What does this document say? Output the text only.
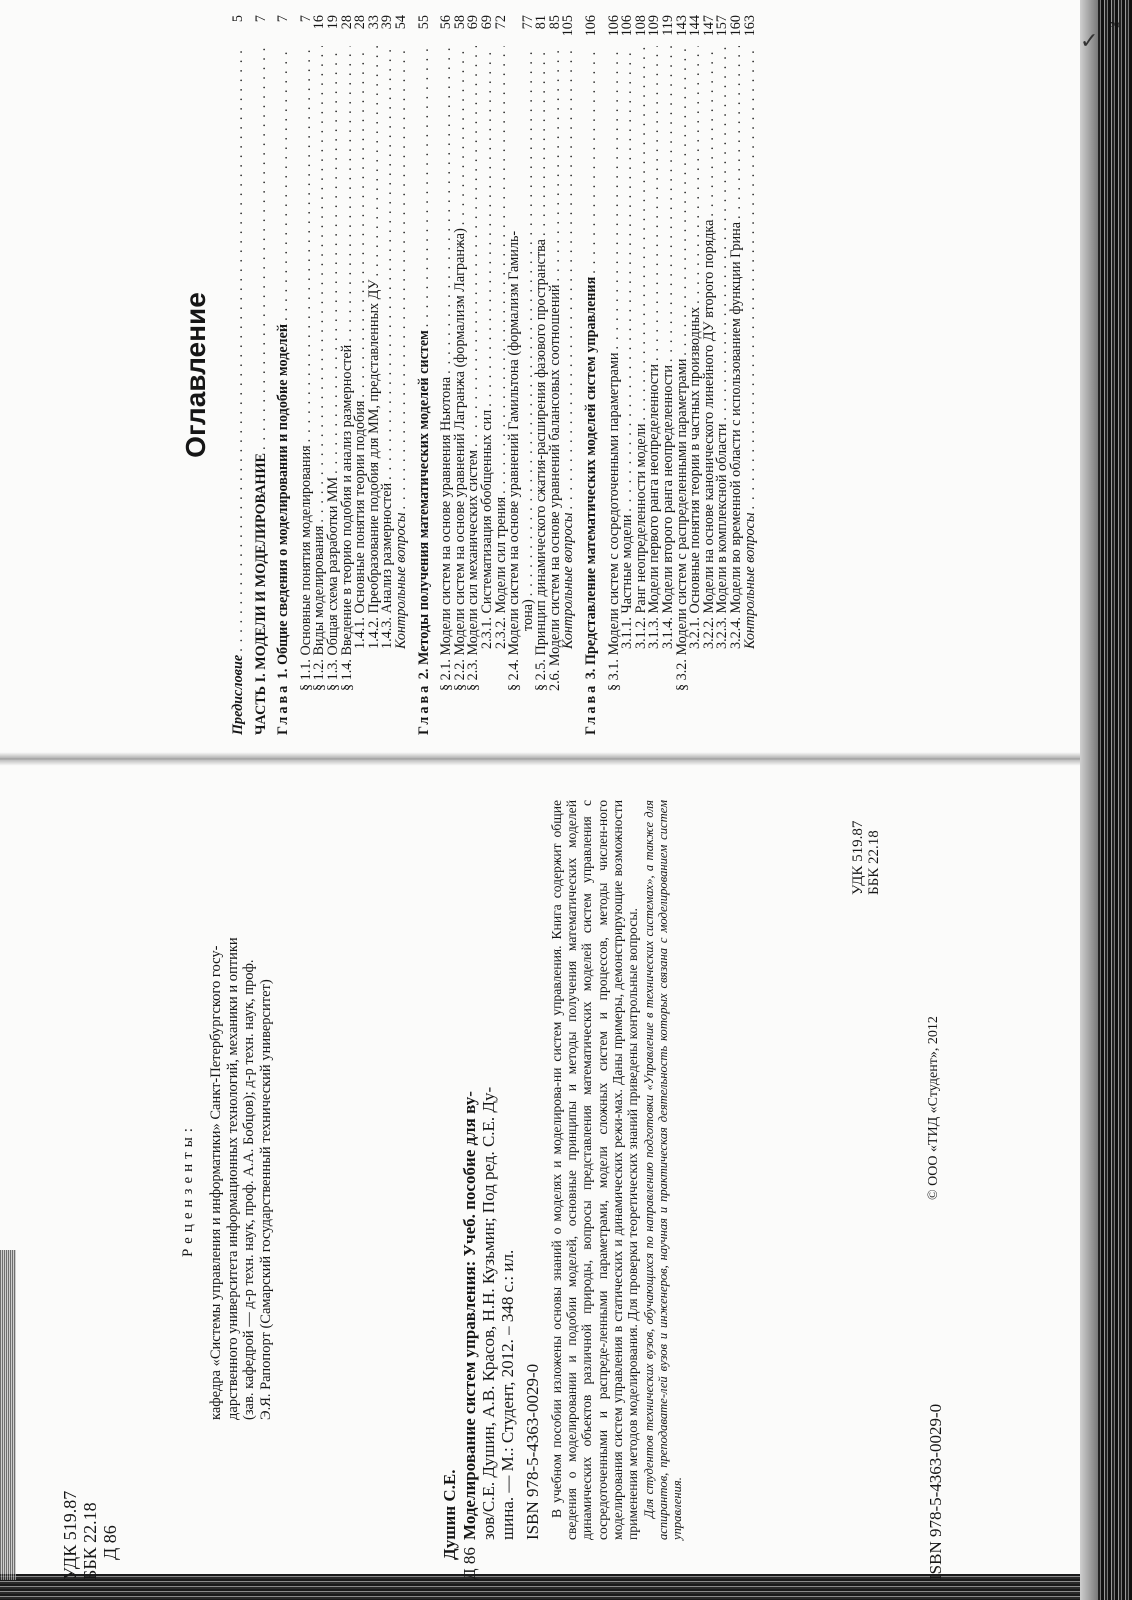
✓
УДК 519.87 ББК 22.18 Д 86
Рецензенты: кафедра «Системы управления и информатики» Санкт-Петербургского госу- дарственного университета информационных технологий, механики и оптики (зав. кафедрой — д-р техн. наук, проф. А.А. Бобцов); д-р техн. наук, проф. Э.Я. Рапопорт (Самарский государственный технический университет)
Душин С.Е.
Д 86
Моделирование систем управления: Учеб. пособие для ву- зов/С.Е. Душин, А.В. Красов, Н.Н. Кузьмин; Под ред. С.Е. Ду- шина. — М.: Студент, 2012. – 348 с.: ил. ISBN 978-5-4363-0029-0 В учебном пособии изложены основы знаний о моделях и моделирова-ни систем управления. Книга содержит общие сведения о моделировании и подобии моделей, основные принципы и методы получения математических моделей динамических объектов различной природы, вопросы представления математических моделей систем управления с сосредоточенными и распреде-ленными параметрами, модели сложных систем и процессов, методы числен-ного моделирования систем управления в статических и динамических режи-мах. Даны примеры, демонстрирующие возможности применения методов моделирования. Для проверки теоретических знаний приведены контрольные вопросы. Для студентов технических вузов, обучающихся по направлению подготовки «Управление в технических системах», а также для аспирантов, преподавате-лей вузов и инженеров, научная и практическая деятельность которых связана с моделированием систем управления.
УДК 519.87 ББК 22.18
ISBN 978-5-4363-0029-0
© ООО «ТИД «Студент», 2012
Оглавление
Предисловие
. . .
5
ЧАСТЬ I. МОДЕЛИ И МОДЕЛИРОВАНИЕ
. . .
7
Глава 1. Общие сведения о моделировании и подобие моделей
. . .
7
§ 1.1. Основные понятия моделирования
. . .
7
§ 1.2. Виды моделирования
. . .
16
§ 1.3. Общая схема разработки ММ
. . .
19
§ 1.4. Введение в теорию подобия и анализ размерностей
. . .
28
1.4.1. Основные понятия теории подобия
. . .
28
1.4.2. Преобразование подобия для ММ, представленных ДУ
. . .
33
1.4.3. Анализ размерностей
. . .
39
Контрольные вопросы
. . .
54
Глава 2. Методы получения математических моделей систем
. . .
55
§ 2.1. Модели систем на основе уравнения Ньютона
. . .
56
§ 2.2. Модели систем на основе уравнений Лагранжа (формализм Лагранжа)
. . .
58
§ 2.3. Модели сил механических систем
. . .
69
2.3.1. Систематизация обобщенных сил
. . .
69
2.3.2. Модели сил трения
. . .
72
§ 2.4. Модели систем на основе уравнений Гамильтона (формализм Гамиль-
тона)
. . .
77
§ 2.5. Принцип динамического сжатия-расширения фазового пространства
. . .
81
2.6. Модели систем на основе уравнений балансовых соотношений
. . .
85
Контрольные вопросы
. . .
105
Глава 3. Представление математических моделей систем управления
. . .
106
§ 3.1. Модели систем с сосредоточенными параметрами
. . .
106
3.1.1. Частные модели
. . .
106
3.1.2. Ранг неопределенности модели
. . .
108
3.1.3. Модели первого ранга неопределенности
. . .
109
3.1.4. Модели второго ранга неопределенности
. . .
119
§ 3.2. Модели систем с распределенными параметрами
. . .
143
3.2.1. Основные понятия теории в частных производных
. . .
144
3.2.2. Модели на основе канонического линейного ДУ второго порядка
. . .
147
3.2.3. Модели в комплексной области
. . .
157
3.2.4. Модели во временной области с использованием функции Грина
. . .
160
Контрольные вопросы
. . .
163	3
